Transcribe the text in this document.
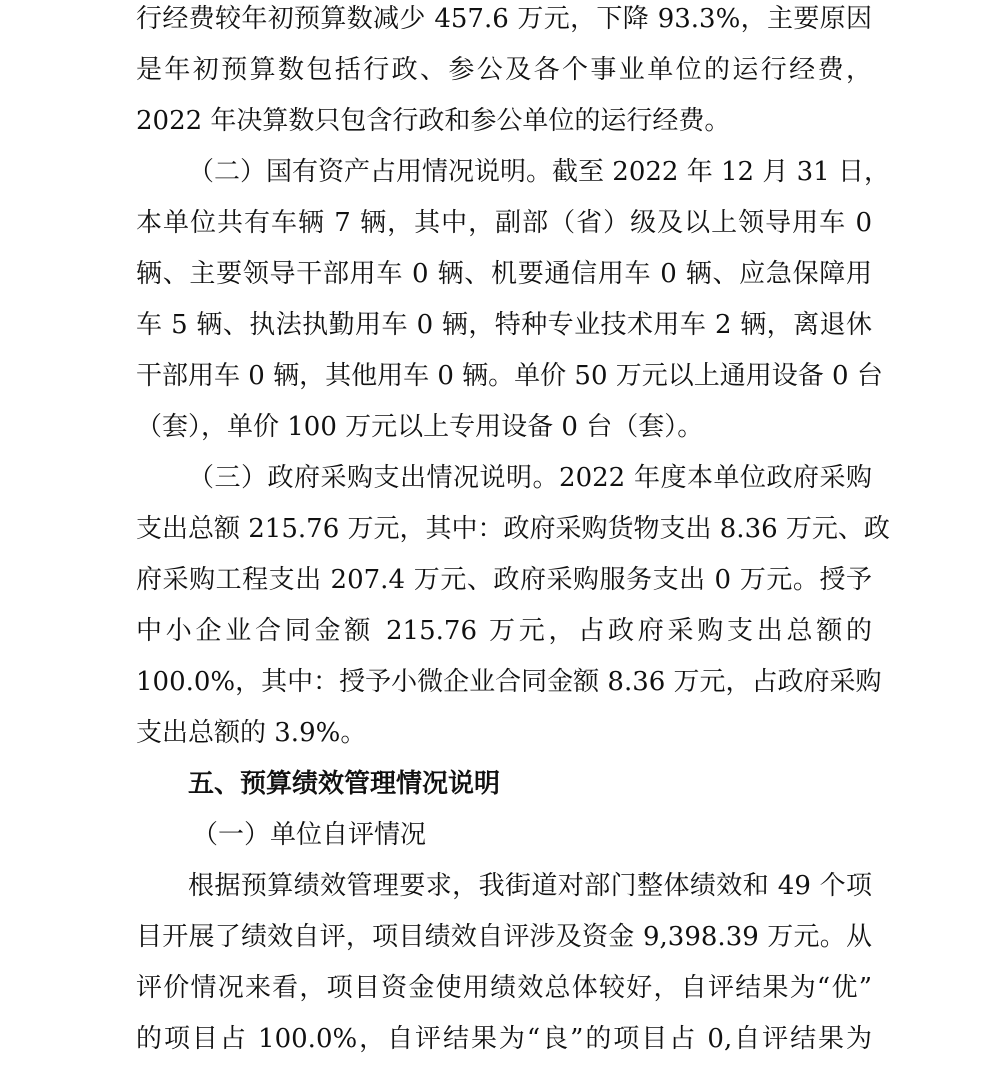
行经费较年初预算数减少 457.6 万元，下降 93.3%，主要原因
是年初预算数包括行政、参公及各个事业单位的运行经费，
2022 年决算数只包含行政和参公单位的运行经费。
（二）国有资产占用情况说明。截至 2022 年 12 月 31 日，
本单位共有车辆 7 辆，其中，副部（省）级及以上领导用车 0
辆、主要领导干部用车 0 辆、机要通信用车 0 辆、应急保障用
车 5 辆、执法执勤用车 0 辆，特种专业技术用车 2 辆，离退休
干部用车 0 辆，其他用车 0 辆。单价 50 万元以上通用设备 0 台
（套），单价 100 万元以上专用设备 0 台（套）。
（三）政府采购支出情况说明。2022 年度本单位政府采购
支出总额 215.76 万元，其中：政府采购货物支出 8.36 万元、政
府采购工程支出 207.4 万元、政府采购服务支出 0 万元。授予
中小企业合同金额 215.76 万元，占政府采购支出总额的
100.0%，其中：授予小微企业合同金额 8.36 万元，占政府采购
支出总额的 3.9%。
五、预算绩效管理情况说明
（一）单位自评情况
根据预算绩效管理要求，我街道对部门整体绩效和 49 个项
目开展了绩效自评，项目绩效自评涉及资金 9,398.39 万元。从
评价情况来看，项目资金使用绩效总体较好，自评结果为“优”
的项目占 100.0%，自评结果为“良”的项目占 0,自评结果为
